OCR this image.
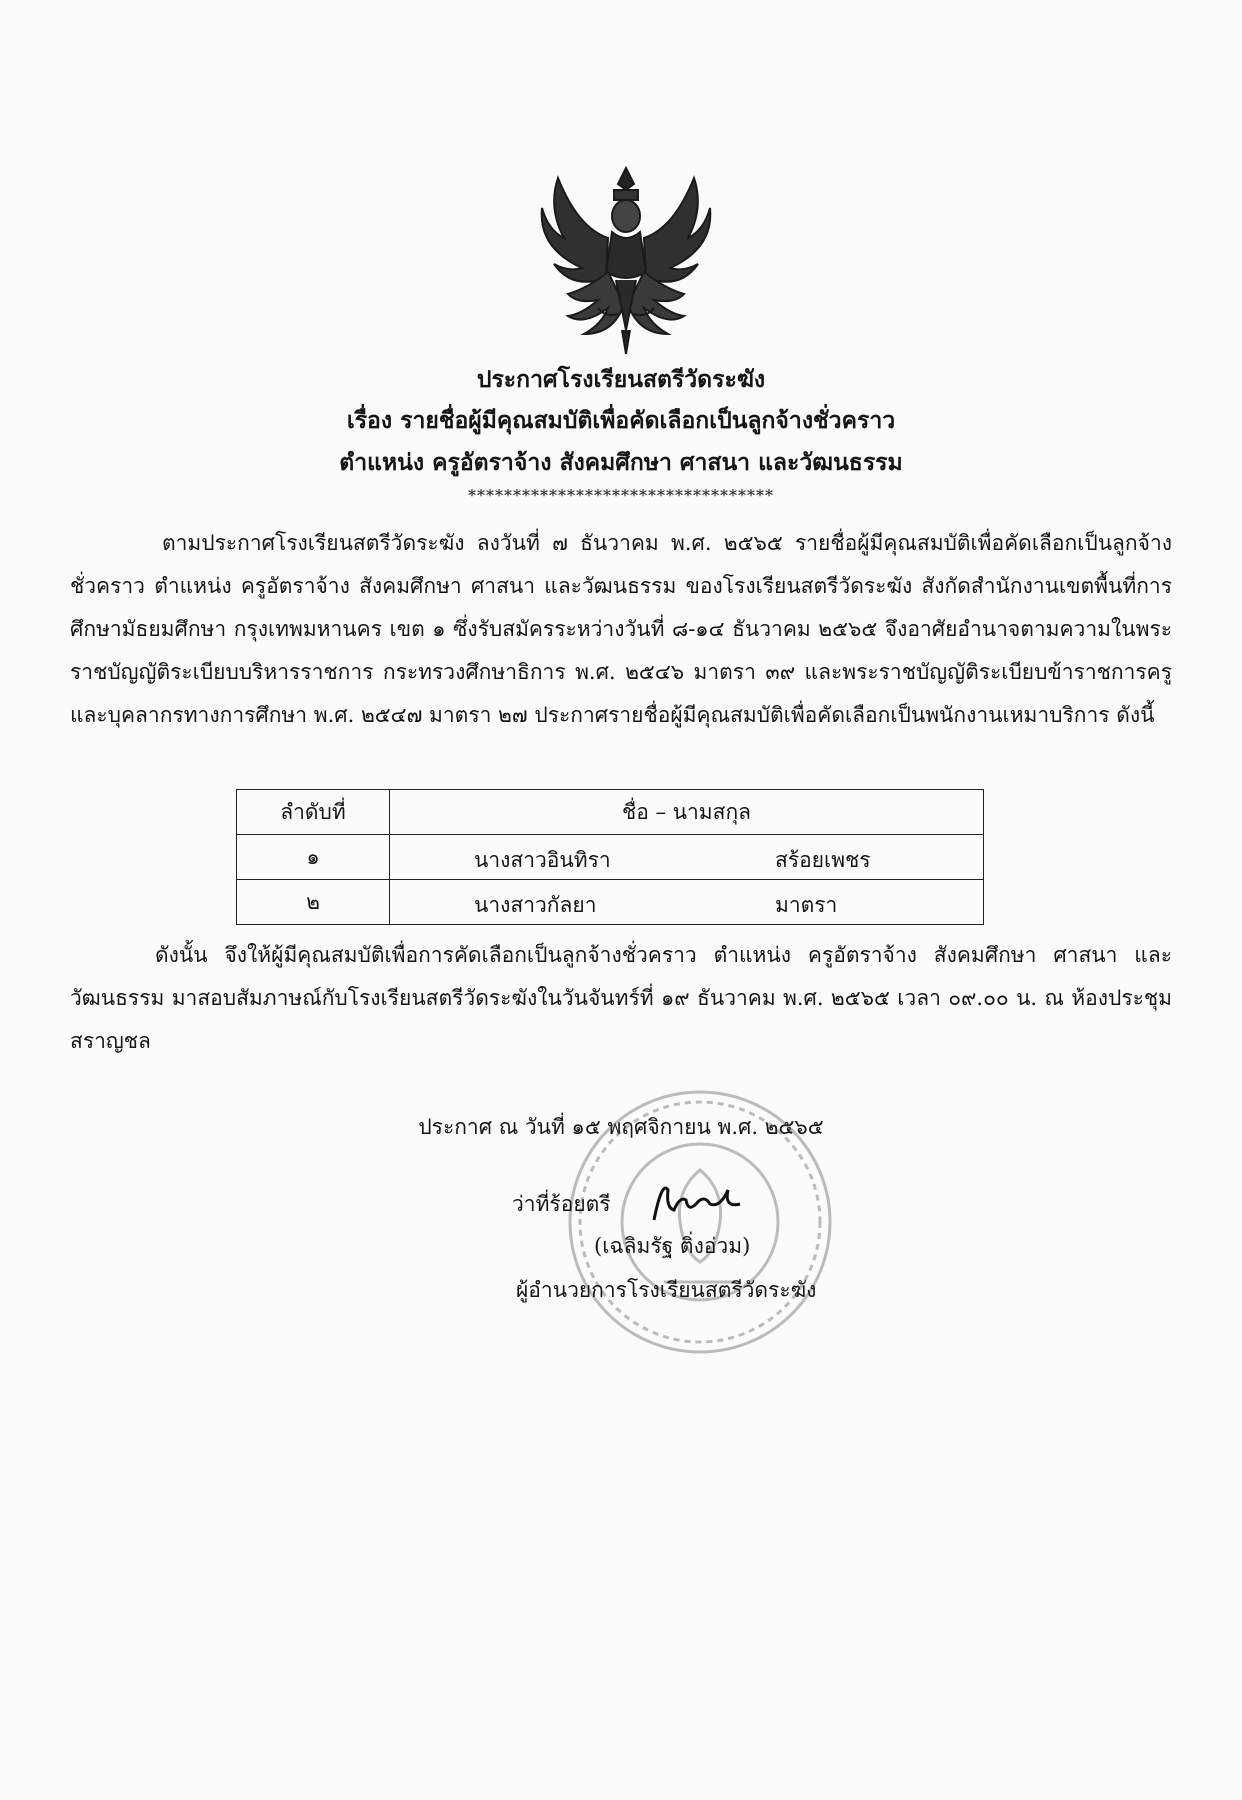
ประกาศโรงเรียนสตรีวัดระฆัง
เรื่อง รายชื่อผู้มีคุณสมบัติเพื่อคัดเลือกเป็นลูกจ้างชั่วคราว
ตำแหน่ง ครูอัตราจ้าง สังคมศึกษา ศาสนา และวัฒนธรรม
**********************************
ตามประกาศโรงเรียนสตรีวัดระฆัง ลงวันที่ ๗ ธันวาคม พ.ศ. ๒๕๖๕ รายชื่อผู้มีคุณสมบัติเพื่อคัดเลือกเป็นลูกจ้างชั่วคราว ตำแหน่ง ครูอัตราจ้าง สังคมศึกษา ศาสนา และวัฒนธรรม ของโรงเรียนสตรีวัดระฆัง สังกัดสำนักงานเขตพื้นที่การศึกษามัธยมศึกษา กรุงเทพมหานคร เขต ๑ ซึ่งรับสมัครระหว่างวันที่ ๘-๑๔ ธันวาคม ๒๕๖๕ จึงอาศัยอำนาจตามความในพระราชบัญญัติระเบียบบริหารราชการ กระทรวงศึกษาธิการ พ.ศ. ๒๕๔๖ มาตรา ๓๙ และพระราชบัญญัติระเบียบข้าราชการครูและบุคลากรทางการศึกษา พ.ศ. ๒๕๔๗ มาตรา ๒๗ ประกาศรายชื่อผู้มีคุณสมบัติเพื่อคัดเลือกเป็นพนักงานเหมาบริการ ดังนี้
ลำดับที่	ชื่อ – นามสกุล
๑	นางสาวอินทิรา สร้อยเพชร

๒	นางสาวกัลยา มาตรา
ดังนั้น จึงให้ผู้มีคุณสมบัติเพื่อการคัดเลือกเป็นลูกจ้างชั่วคราว ตำแหน่ง ครูอัตราจ้าง สังคมศึกษา ศาสนา และวัฒนธรรม มาสอบสัมภาษณ์กับโรงเรียนสตรีวัดระฆังในวันจันทร์ที่ ๑๙ ธันวาคม พ.ศ. ๒๕๖๕ เวลา ๐๙.๐๐ น. ณ ห้องประชุมสราญชล
ประกาศ ณ วันที่ ๑๕ พฤศจิกายน พ.ศ. ๒๕๖๕
ว่าที่ร้อยตรี
(เฉลิมรัฐ ติ่งอ่วม)
ผู้อำนวยการโรงเรียนสตรีวัดระฆัง
